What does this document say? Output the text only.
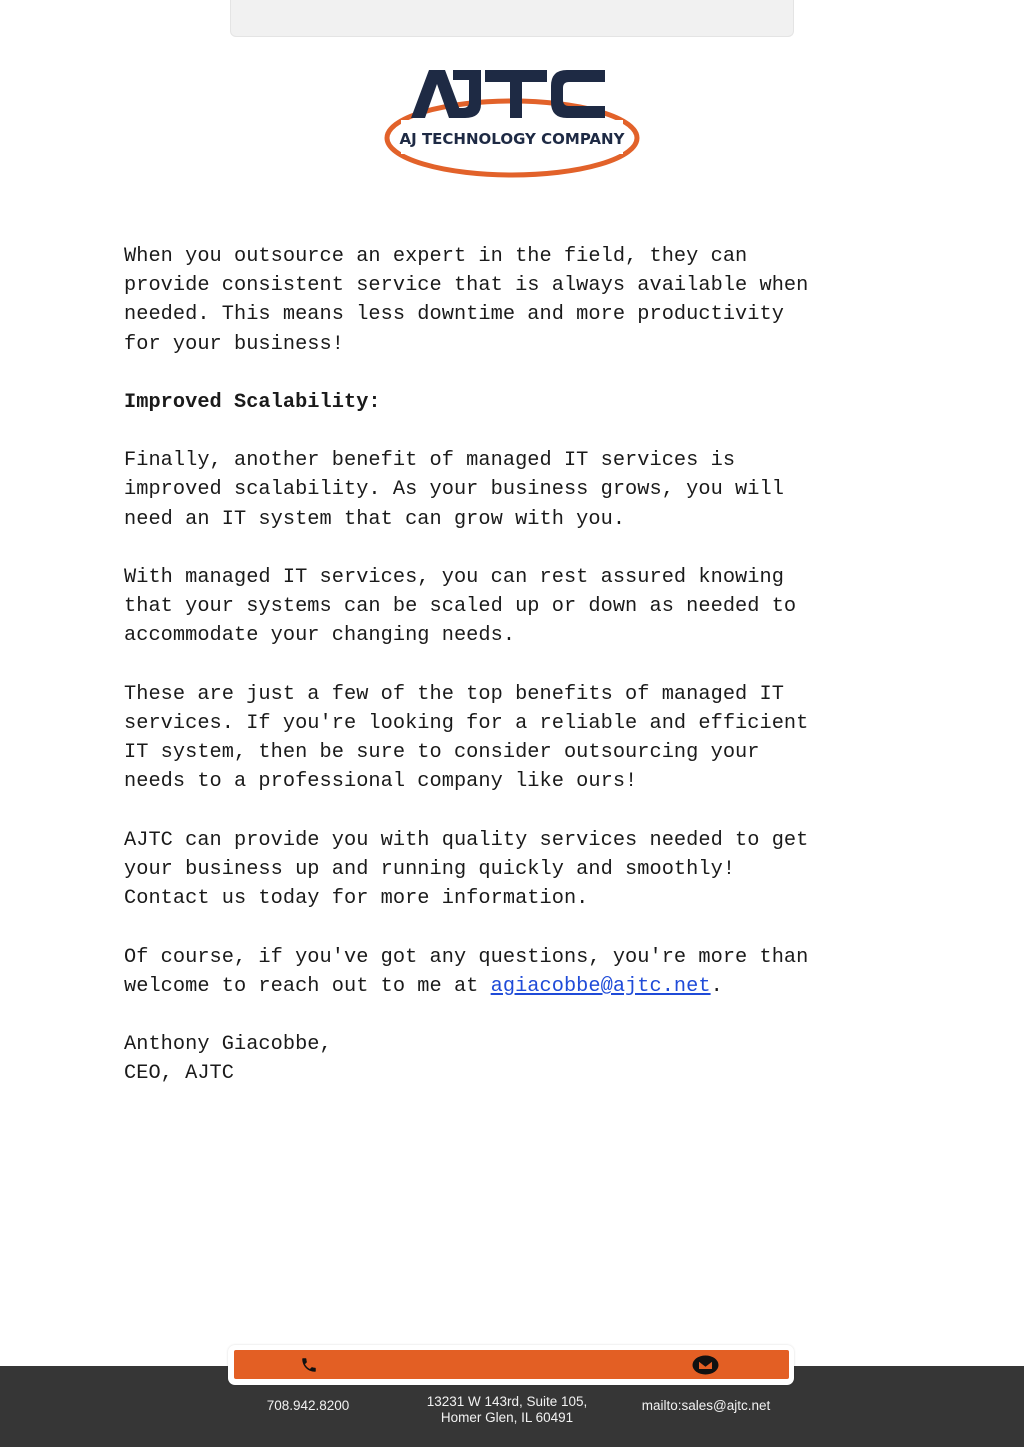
AJ TECHNOLOGY COMPANY

When you outsource an expert in the field, they can
provide consistent service that is always available when
needed. This means less downtime and more productivity
for your business!

Improved Scalability:

Finally, another benefit of managed IT services is
improved scalability. As your business grows, you will
need an IT system that can grow with you.

With managed IT services, you can rest assured knowing
that your systems can be scaled up or down as needed to
accommodate your changing needs.

These are just a few of the top benefits of managed IT
services. If you're looking for a reliable and efficient
IT system, then be sure to consider outsourcing your
needs to a professional company like ours!

AJTC can provide you with quality services needed to get
your business up and running quickly and smoothly!
Contact us today for more information.

Of course, if you've got any questions, you're more than
welcome to reach out to me at agiacobbe@ajtc.net.

Anthony Giacobbe,

CEO, AJTC

708.942.8200	13231 W 143rd, Suite 105,
Homer Glen, IL 60491
mailto:sales@ajtc.net
